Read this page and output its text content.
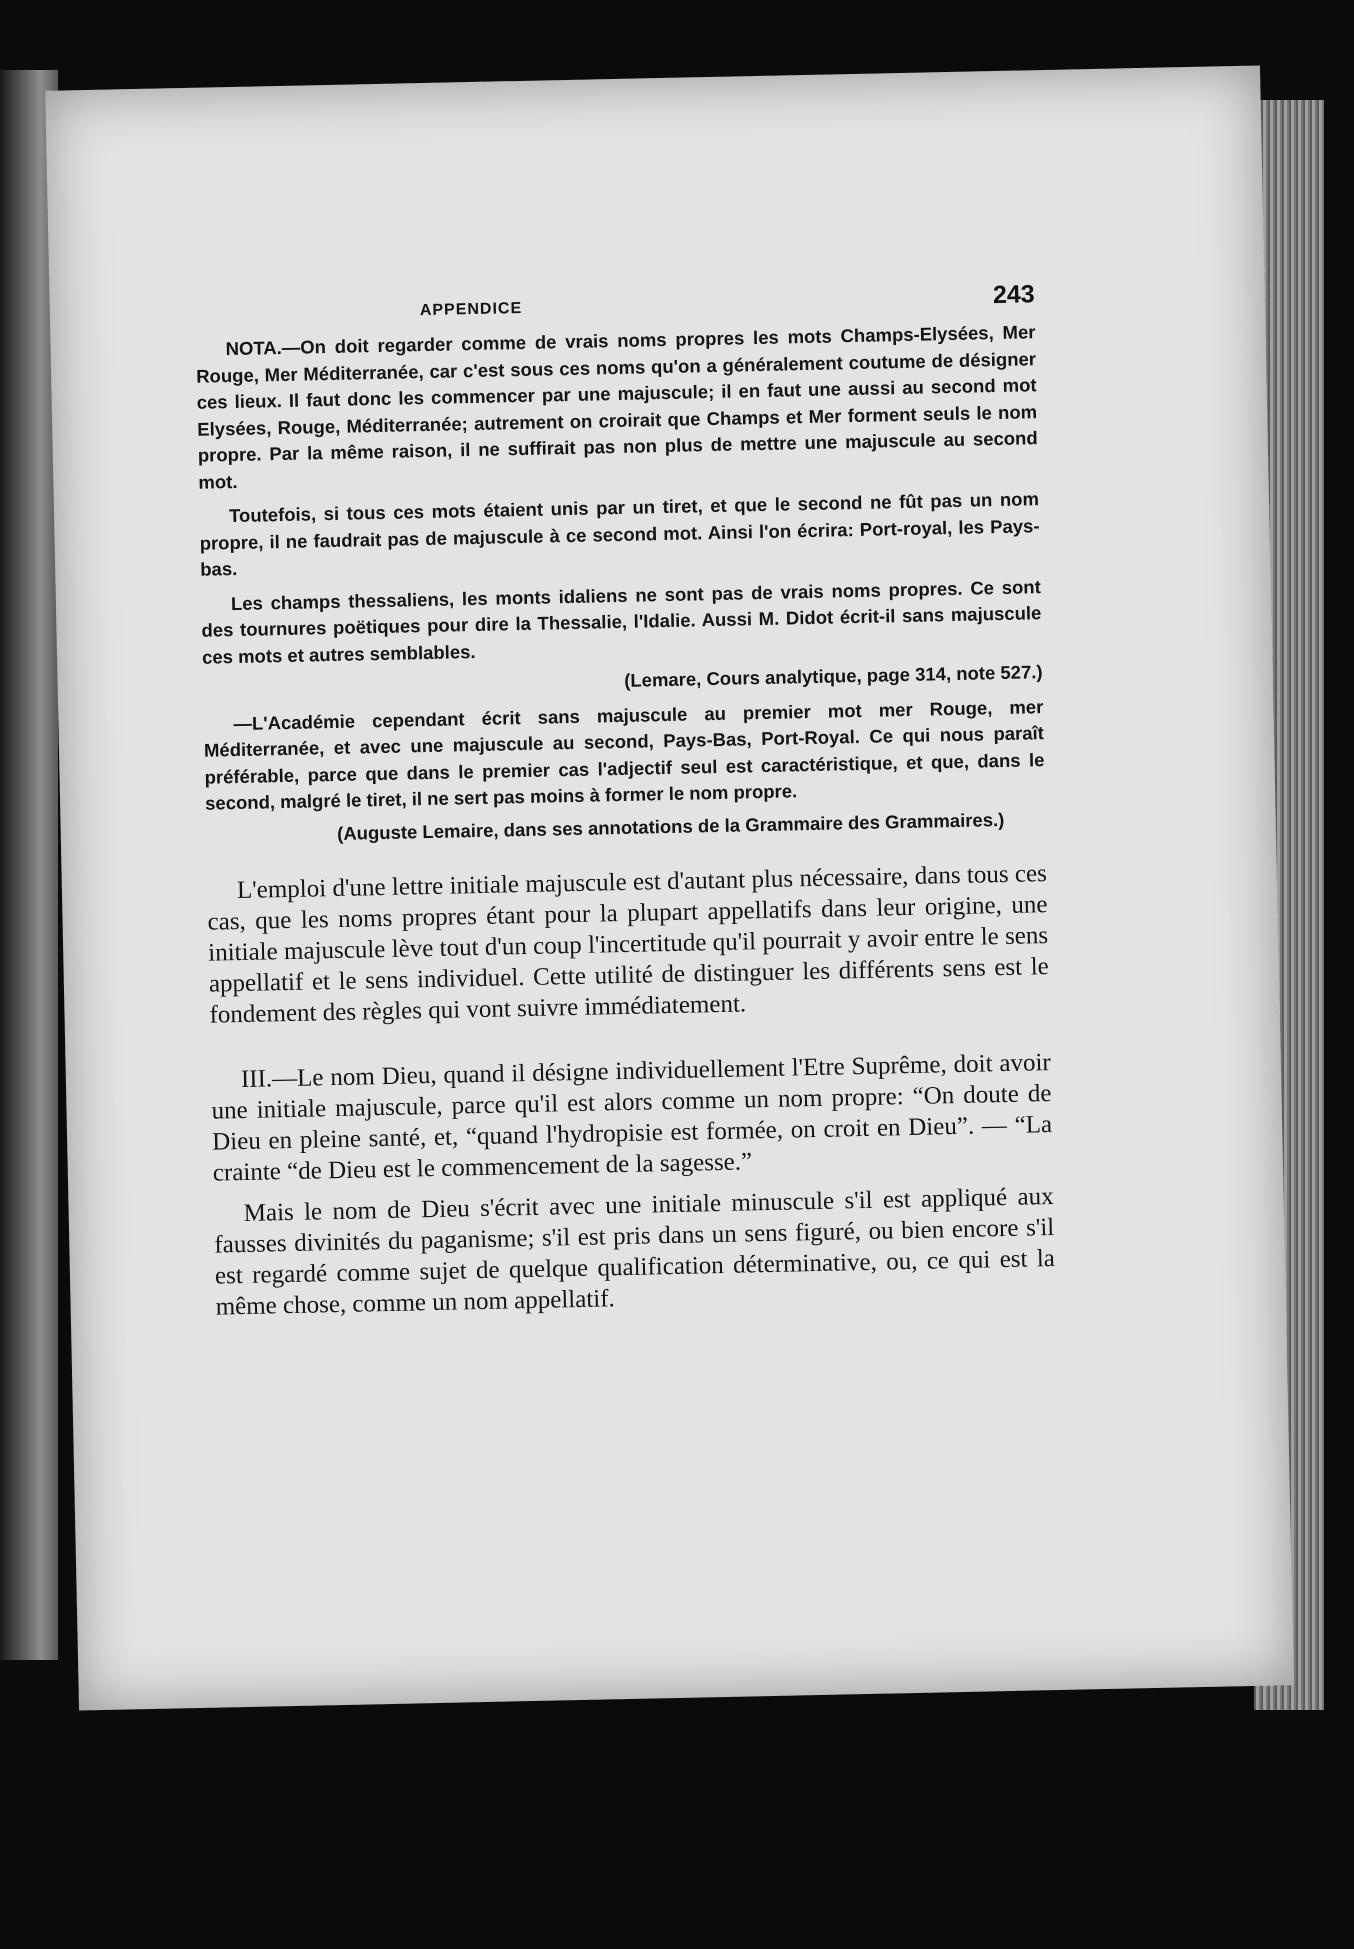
APPENDICE
243

NOTA.—On doit regarder comme de vrais noms propres les mots Champs-Elysées, Mer Rouge, Mer Méditerranée, car c'est sous ces noms qu'on a généralement coutume de désigner ces lieux. Il faut donc les commencer par une majuscule; il en faut une aussi au second mot Elysées, Rouge, Méditerranée; autrement on croirait que Champs et Mer forment seuls le nom propre. Par la même raison, il ne suffirait pas non plus de mettre une majuscule au second mot.

Toutefois, si tous ces mots étaient unis par un tiret, et que le second ne fût pas un nom propre, il ne faudrait pas de majuscule à ce second mot. Ainsi l'on écrira: Port-royal, les Pays-bas.

Les champs thessaliens, les monts idaliens ne sont pas de vrais noms propres. Ce sont des tournures poëtiques pour dire la Thessalie, l'Idalie. Aussi M. Didot écrit-il sans majuscule ces mots et autres semblables.

(Lemare, Cours analytique, page 314, note 527.)

—L'Académie cependant écrit sans majuscule au premier mot mer Rouge, mer Méditerranée, et avec une majuscule au second, Pays-Bas, Port-Royal. Ce qui nous paraît préférable, parce que dans le premier cas l'adjectif seul est caractéristique, et que, dans le second, malgré le tiret, il ne sert pas moins à former le nom propre.

(Auguste Lemaire, dans ses annotations de la Grammaire des Grammaires.)

L'emploi d'une lettre initiale majuscule est d'autant plus nécessaire, dans tous ces cas, que les noms propres étant pour la plupart appellatifs dans leur origine, une initiale majuscule lève tout d'un coup l'incertitude qu'il pourrait y avoir entre le sens appellatif et le sens individuel. Cette utilité de distinguer les différents sens est le fondement des règles qui vont suivre immédiatement.

III.—Le nom Dieu, quand il désigne individuellement l'Etre Suprême, doit avoir une initiale majuscule, parce qu'il est alors comme un nom propre: “On doute de Dieu en pleine santé, et, “quand l'hydropisie est formée, on croit en Dieu”. — “La crainte “de Dieu est le commencement de la sagesse.”

Mais le nom de Dieu s'écrit avec une initiale minuscule s'il est appliqué aux fausses divinités du paganisme; s'il est pris dans un sens figuré, ou bien encore s'il est regardé comme sujet de quelque qualification déterminative, ou, ce qui est la même chose, comme un nom appellatif.
